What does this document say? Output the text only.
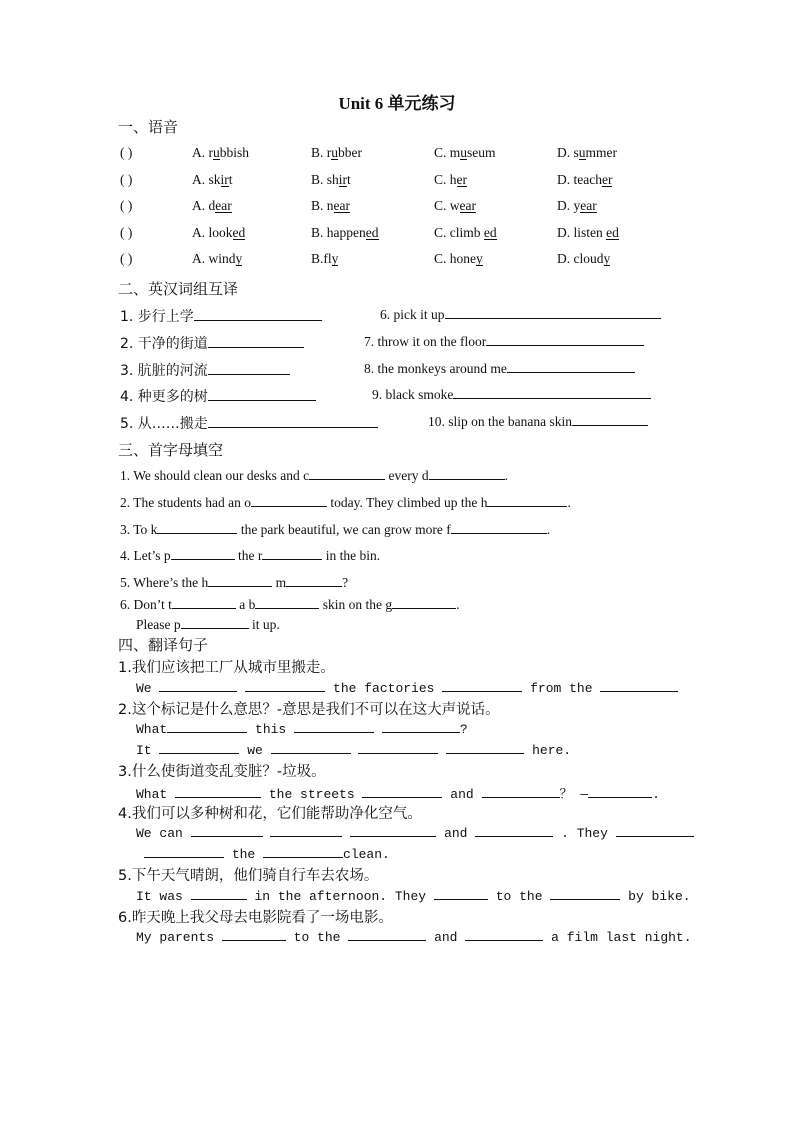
Unit 6 单元练习
一、语音
( )	A. rubbish	B. rubber	C. museum	D. summer
( )	A. skirt	B. shirt	C. her	D. teacher
( )	A. dear	B. near	C. wear	D. year
( )	A. looked	B. happened	C. climb ed	D. listen ed
( )	A. windy	B.fly	C. honey	D. cloudy
二、英汉词组互译
1. 步行上学	6. pick it up
2. 干净的街道	7. throw it on the floor
3. 肮脏的河流	8. the monkeys around me
4. 种更多的树	9. black smoke
5. 从……搬走	10. slip on the banana skin
三、首字母填空
1. We should clean our desks and c	every d	.
2. The students had an o	today. They climbed up the h	.
3. To k	the park beautiful, we can grow more f	.
4. Let’s p	the r	in the bin.
5. Where’s the h	m	?
6. Don’t t	a b	skin on the g	.
Please p	it up.
四、翻译句子
1.我们应该把工厂从城市里搬走。
We	the factories	from the
2.这个标记是什么意思？-意思是我们不可以在这大声说话。
What	this	?
It	we	here.
3.什么使街道变乱变脏？-垃圾。
What	the streets	and	？ —	.
4.我们可以多种树和花，它们能帮助净化空气。
We can	and	. They
the	clean.
5.下午天气晴朗，他们骑自行车去农场。
It was	in the afternoon. They	to the	by bike.
6.昨天晚上我父母去电影院看了一场电影。
My parents	to the	and	a film last night.
